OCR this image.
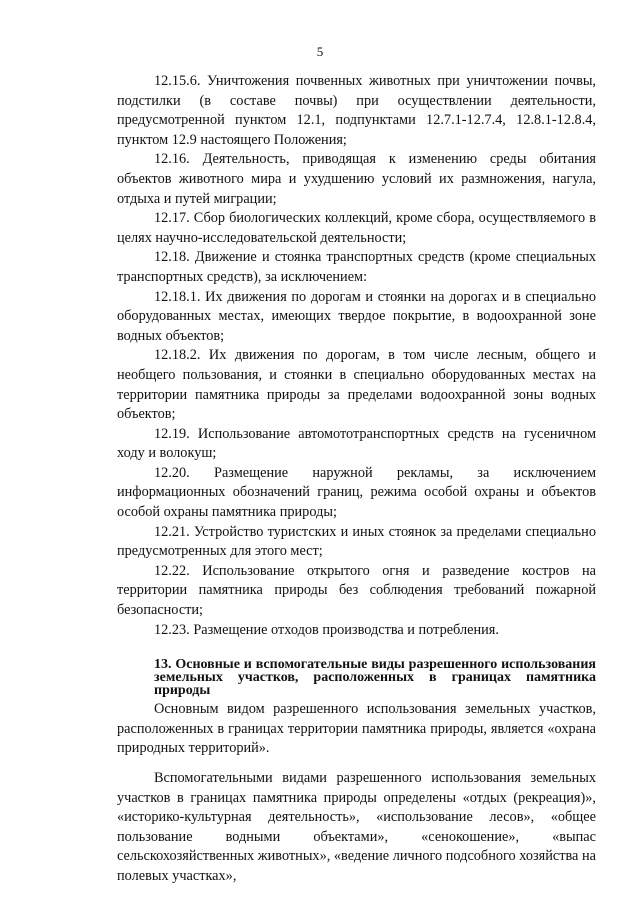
5

12.15.6. Уничтожения почвенных животных при уничтожении почвы, подстилки (в составе почвы) при осуществлении деятельности, предусмотренной пунктом 12.1, подпунктами 12.7.1-12.7.4, 12.8.1-12.8.4, пунктом 12.9 настоящего Положения;

12.16. Деятельность, приводящая к изменению среды обитания объектов животного мира и ухудшению условий их размножения, нагула, отдыха и путей миграции;

12.17. Сбор биологических коллекций, кроме сбора, осуществляемого в целях научно-исследовательской деятельности;

12.18. Движение и стоянка транспортных средств (кроме специальных транспортных средств), за исключением:

12.18.1. Их движения по дорогам и стоянки на дорогах и в специально оборудованных местах, имеющих твердое покрытие, в водоохранной зоне водных объектов;

12.18.2. Их движения по дорогам, в том числе лесным, общего и необщего пользования, и стоянки в специально оборудованных местах на территории памятника природы за пределами водоохранной зоны водных объектов;

12.19. Использование автомототранспортных средств на гусеничном ходу и волокуш;

12.20. Размещение наружной рекламы, за исключением информационных обозначений границ, режима особой охраны и объектов особой охраны памятника природы;

12.21. Устройство туристских и иных стоянок за пределами специально предусмотренных для этого мест;

12.22. Использование открытого огня и разведение костров на территории памятника природы без соблюдения требований пожарной безопасности;

12.23. Размещение отходов производства и потребления.

13. Основные и вспомогательные виды разрешенного использования земельных участков, расположенных в границах памятника природы

Основным видом разрешенного использования земельных участков, расположенных в границах территории памятника природы, является «охрана природных территорий».

Вспомогательными видами разрешенного использования земельных участков в границах памятника природы определены «отдых (рекреация)», «историко-культурная деятельность», «использование лесов», «общее пользование водными объектами», «сенокошение», «выпас сельскохозяйственных животных», «ведение личного подсобного хозяйства на полевых участках»,
